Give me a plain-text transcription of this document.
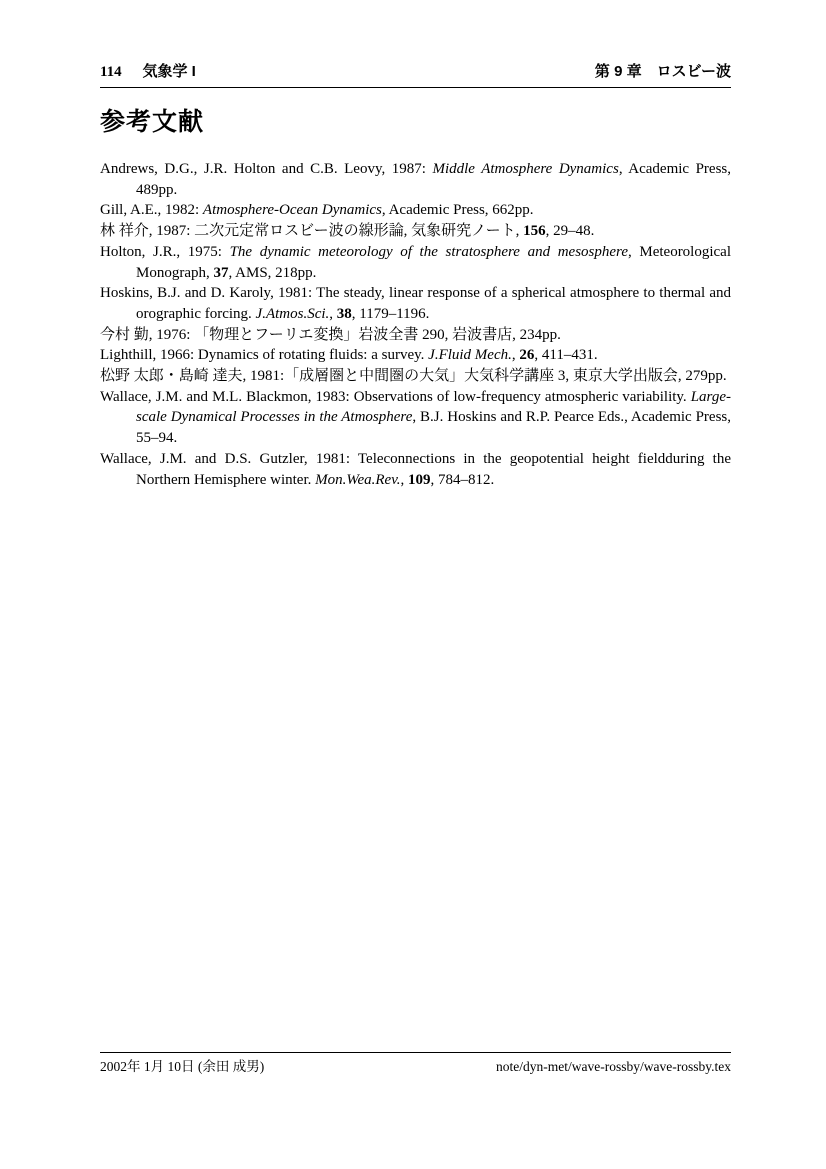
114 気象学 I	第 9 章　ロスビー波
参考文献

Andrews, D.G., J.R. Holton and C.B. Leovy, 1987: Middle Atmosphere Dynamics, Academic Press, 489pp.

Gill, A.E., 1982: Atmosphere-Ocean Dynamics, Academic Press, 662pp.

林 祥介, 1987: 二次元定常ロスビー波の線形論, 気象研究ノート, 156, 29–48.

Holton, J.R., 1975: The dynamic meteorology of the stratosphere and mesosphere, Meteorological Monograph, 37, AMS, 218pp.

Hoskins, B.J. and D. Karoly, 1981: The steady, linear response of a spherical atmosphere to thermal and orographic forcing. J.Atmos.Sci., 38, 1179–1196.

今村 勤, 1976: 「物理とフーリエ変換」岩波全書 290, 岩波書店, 234pp.

Lighthill, 1966: Dynamics of rotating fluids: a survey. J.Fluid Mech., 26, 411–431.

松野 太郎・島崎 達夫, 1981:「成層圏と中間圏の大気」大気科学講座 3, 東京大学出版会, 279pp.

Wallace, J.M. and M.L. Blackmon, 1983: Observations of low-frequency atmospheric variability. Large-scale Dynamical Processes in the Atmosphere, B.J. Hoskins and R.P. Pearce Eds., Academic Press, 55–94.

Wallace, J.M. and D.S. Gutzler, 1981: Teleconnections in the geopotential height fieldduring the Northern Hemisphere winter. Mon.Wea.Rev., 109, 784–812.

2002年 1月 10日 (余田 成男)	note/dyn-met/wave-rossby/wave-rossby.tex
